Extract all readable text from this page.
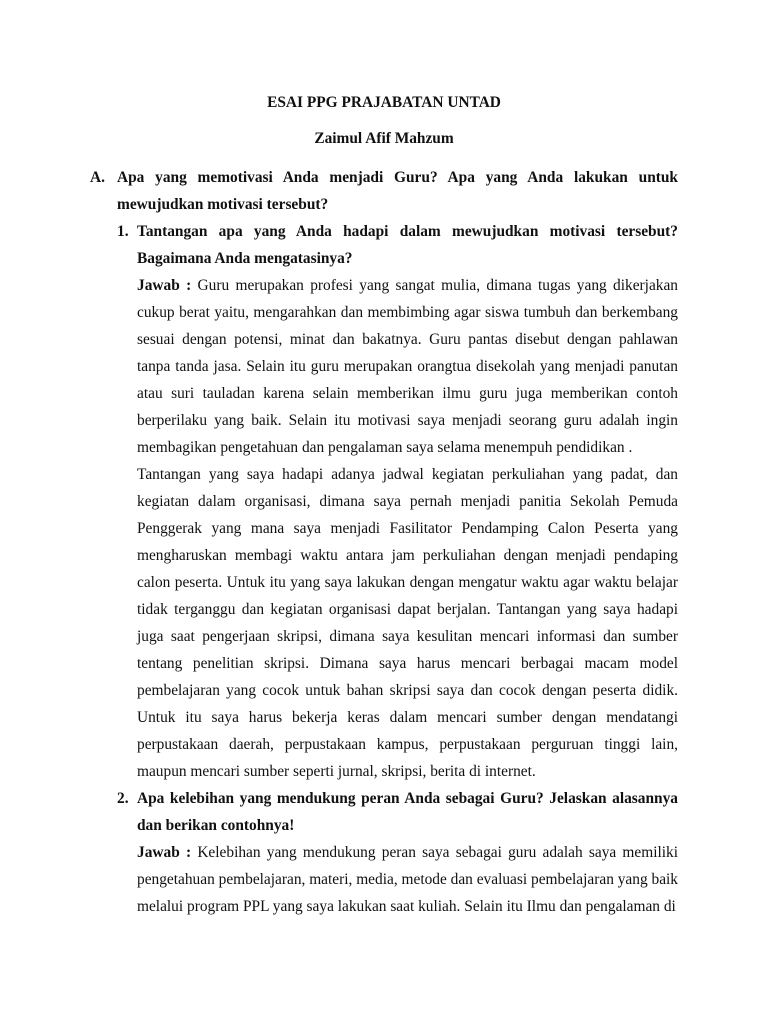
ESAI PPG PRAJABATAN UNTAD

Zaimul Afif Mahzum

A. Apa yang memotivasi Anda menjadi Guru? Apa yang Anda lakukan untuk mewujudkan motivasi tersebut?

1. Tantangan apa yang Anda hadapi dalam mewujudkan motivasi tersebut? Bagaimana Anda mengatasinya?

Jawab : Guru merupakan profesi yang sangat mulia, dimana tugas yang dikerjakan cukup berat yaitu, mengarahkan dan membimbing agar siswa tumbuh dan berkembang sesuai dengan potensi, minat dan bakatnya. Guru pantas disebut dengan pahlawan tanpa tanda jasa. Selain itu guru merupakan orangtua disekolah yang menjadi panutan atau suri tauladan karena selain memberikan ilmu guru juga memberikan contoh berperilaku yang baik. Selain itu motivasi saya menjadi seorang guru adalah ingin membagikan pengetahuan dan pengalaman saya selama menempuh pendidikan .

Tantangan yang saya hadapi adanya jadwal kegiatan perkuliahan yang padat, dan kegiatan dalam organisasi, dimana saya pernah menjadi panitia Sekolah Pemuda Penggerak yang mana saya menjadi Fasilitator Pendamping Calon Peserta yang mengharuskan membagi waktu antara jam perkuliahan dengan menjadi pendaping calon peserta. Untuk itu yang saya lakukan dengan mengatur waktu agar waktu belajar tidak terganggu dan kegiatan organisasi dapat berjalan. Tantangan yang saya hadapi juga saat pengerjaan skripsi, dimana saya kesulitan mencari informasi dan sumber tentang penelitian skripsi. Dimana saya harus mencari berbagai macam model pembelajaran yang cocok untuk bahan skripsi saya dan cocok dengan peserta didik. Untuk itu saya harus bekerja keras dalam mencari sumber dengan mendatangi perpustakaan daerah, perpustakaan kampus, perpustakaan perguruan tinggi lain, maupun mencari sumber seperti jurnal, skripsi, berita di internet.

2. Apa kelebihan yang mendukung peran Anda sebagai Guru? Jelaskan alasannya dan berikan contohnya!

Jawab : Kelebihan yang mendukung peran saya sebagai guru adalah saya memiliki pengetahuan pembelajaran, materi, media, metode dan evaluasi pembelajaran yang baik melalui program PPL yang saya lakukan saat kuliah. Selain itu Ilmu dan pengalaman di
